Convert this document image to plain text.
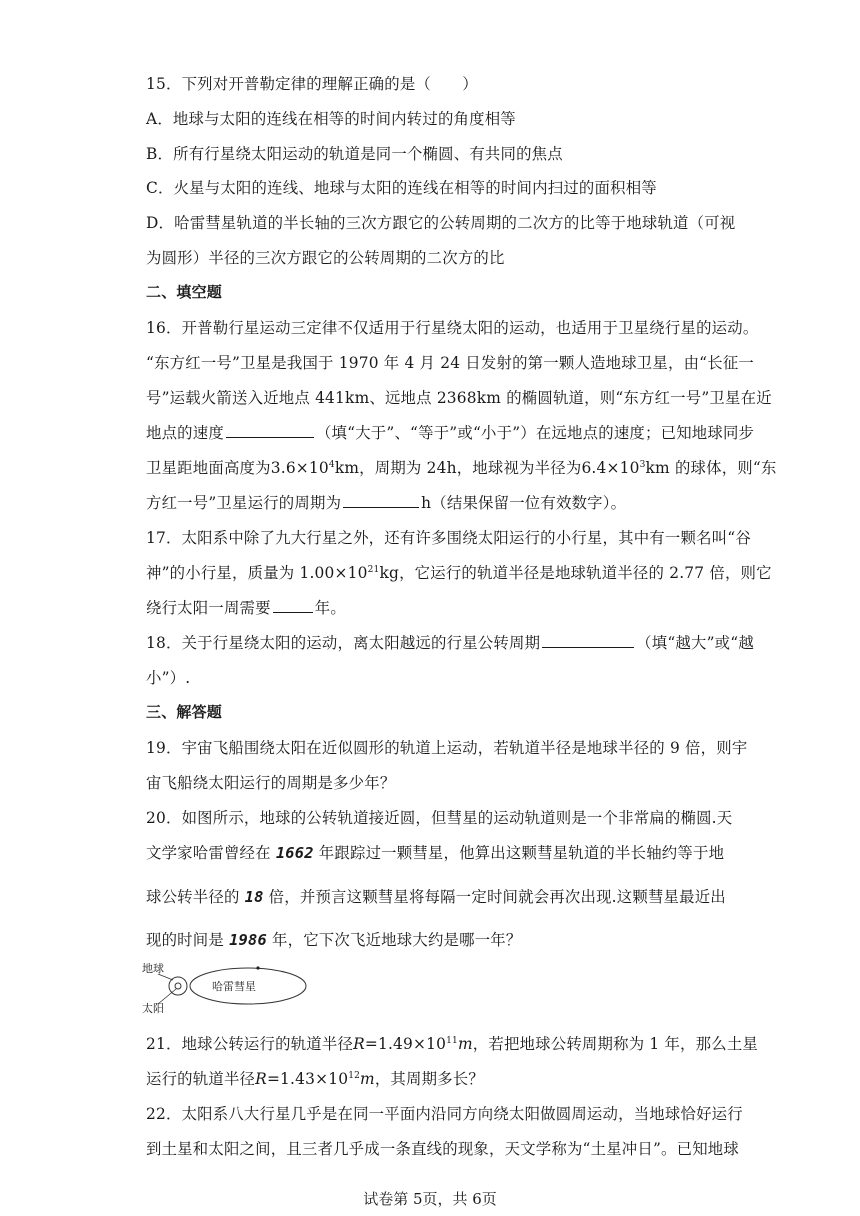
15．下列对开普勒定律的理解正确的是（　　）
A．地球与太阳的连线在相等的时间内转过的角度相等
B．所有行星绕太阳运动的轨道是同一个椭圆、有共同的焦点
C．火星与太阳的连线、地球与太阳的连线在相等的时间内扫过的面积相等
D．哈雷彗星轨道的半长轴的三次方跟它的公转周期的二次方的比等于地球轨道（可视
为圆形）半径的三次方跟它的公转周期的二次方的比
二、填空题
16．开普勒行星运动三定律不仅适用于行星绕太阳的运动，也适用于卫星绕行星的运动。
“东方红一号”卫星是我国于 1970 年 4 月 24 日发射的第一颗人造地球卫星，由“长征一
号”运载火箭送入近地点 441km、远地点 2368km 的椭圆轨道，则“东方红一号”卫星在近
地点的速度	（填“大于”、“等于”或“小于”）在远地点的速度；已知地球同步
卫星距地面高度为$3.6\times 10^4km$，周期为 24h，地球视为半径为$6.4\times 10^3km$ 的球体，则“东
方红一号”卫星运行的周期为	h（结果保留一位有效数字）。
17．太阳系中除了九大行星之外，还有许多围绕太阳运行的小行星，其中有一颗名叫“谷
神”的小行星，质量为 $1.00\times 10^{21}kg$，它运行的轨道半径是地球轨道半径的 2.77 倍，则它
绕行太阳一周需要	年。
18．关于行星绕太阳的运动，离太阳越远的行星公转周期	（填“越大”或“越
小”）.
三、解答题
19．宇宙飞船围绕太阳在近似圆形的轨道上运动，若轨道半径是地球半径的 9 倍，则宇
宙飞船绕太阳运行的周期是多少年？
20．如图所示，地球的公转轨道接近圆，但彗星的运动轨道则是一个非常扁的椭圆.天
文学家哈雷曾经在 1662 年跟踪过一颗彗星，他算出这颗彗星轨道的半长轴约等于地
球公转半径的 18 倍，并预言这颗彗星将每隔一定时间就会再次出现.这颗彗星最近出
现的时间是 1986 年，它下次飞近地球大约是哪一年？
地球
太阳
哈雷彗星
21．地球公转运行的轨道半径$R=1.49\times 10^{11}m$，若把地球公转周期称为 1 年，那么土星
运行的轨道半径$R=1.43\times 10^{12}m$，其周期多长？
22．太阳系八大行星几乎是在同一平面内沿同方向绕太阳做圆周运动，当地球恰好运行
到土星和太阳之间，且三者几乎成一条直线的现象，天文学称为“土星冲日”。已知地球
试卷第 5页，共 6页
